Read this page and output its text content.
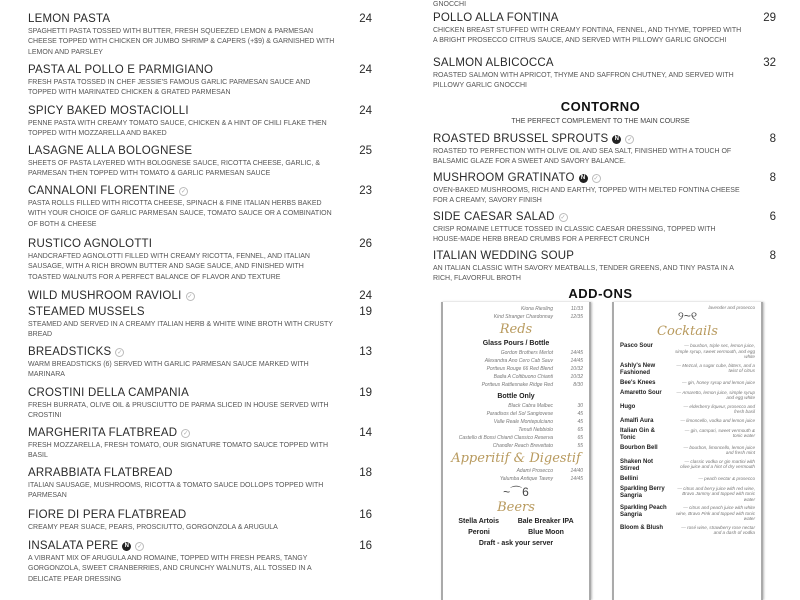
GNOCCHI
CONTORNO

THE PERFECT COMPLEMENT TO THE MAIN COURSE

ADD-ONS
Kiona Riesling	11/33
Kind Stranger Chardonnay	12/35
Reds
Glass Pours / Bottle
Gordon Brothers Merlot	14/45
Alexandra Ano Cero Cab Sauv	14/45
Portteus Rouge 66 Red Blend	10/32
Badia A Coltibuono Chianti	10/32
Portteus Rattlesnake Ridge Red	8/30
Bottle Only
Black Cabra Malbec	30
Paradisos del Sol Sangiovese	45
Valle Reale Montepulciano	45
Tenuti Nebbiolo	65
Castello di Bossi Chianti Classico Reserva	65
Chandler Reach Brevettato	55
Apperitif & Digestif
Adami Prosecco	14/40
Yalumba Antique Tawny	14/45
~⌒6
Beers
Stella Artois	Bale Breaker IPA
Peroni	Blue Moon
Draft - ask your server
lavender and prosecco
୨~୧
Cocktails
Pasco Sour	— bourbon, triple sec, lemon juice, simple syrup, sweet vermouth, and egg white
Ashly's New Fashioned
— Mezcal, a sugar cube, bitters, and a twist of citrus
Bee's Knees	— gin, honey syrup and lemon juice
Amaretto Sour	— Amaretto, lemon juice, simple syrup and egg white
Hugo	— elderberry liqueur, prosecco and fresh basil
Amalfi Aura	— limoncello, vodka and lemon juice
Italian Gin & Tonic
— gin, campari, sweet vermouth & tonic water
Bourbon Bell	— bourbon, limoncello, lemon juice and fresh mint
Shaken Not Stirred
— classic vodka or gin martini with olive juice and a hint of dry vermouth
Bellini	— peach nectar & prosecco
Sparkling Berry Sangria
— citrus and berry juice with red wine, Bravo Jammy and topped with tonic water
Sparkling Peach Sangria
— citrus and peach juice with white wine, Bravo Pink and topped with tonic water
Bloom & Blush	— rosé wine, strawberry rose nectar and a dash of vodka
LEMON PASTA
SPAGHETTI PASTA TOSSED WITH BUTTER, FRESH SQUEEZED LEMON & PARMESAN CHEESE TOPPED WITH CHICKEN OR JUMBO SHRIMP & CAPERS (+$9) & GARNISHED WITH LEMON AND PARSLEY
24
PASTA AL POLLO E PARMIGIANO
FRESH PASTA TOSSED IN CHEF JESSIE'S FAMOUS GARLIC PARMESAN SAUCE AND TOPPED WITH MARINATED CHICKEN & GRATED PARMESAN
24
SPICY BAKED MOSTACIOLLI
PENNE PASTA WITH CREAMY TOMATO SAUCE, CHICKEN & A HINT OF CHILI FLAKE THEN TOPPED WITH MOZZARELLA AND BAKED
24
LASAGNE ALLA BOLOGNESE
SHEETS OF PASTA LAYERED WITH BOLOGNESE SAUCE, RICOTTA CHEESE, GARLIC, & PARMESAN THEN TOPPED WITH TOMATO & GARLIC PARMESAN SAUCE
25
CANNALONI FLORENTINE ✓
PASTA ROLLS FILLED WITH RICOTTA CHEESE, SPINACH & FINE ITALIAN HERBS BAKED WITH YOUR CHOICE OF GARLIC PARMESAN SAUCE, TOMATO SAUCE OR A COMBINATION OF BOTH & CHEESE
23
RUSTICO AGNOLOTTI
HANDCRAFTED AGNOLOTTI FILLED WITH CREAMY RICOTTA, FENNEL, AND ITALIAN SAUSAGE, WITH A RICH BROWN BUTTER AND SAGE SAUCE, AND FINISHED WITH TOASTED WALNUTS FOR A PERFECT BALANCE OF FLAVOR AND TEXTURE
26
WILD MUSHROOM RAVIOLI ✓	24
STEAMED MUSSELS
STEAMED AND SERVED IN A CREAMY ITALIAN HERB & WHITE WINE BROTH WITH CRUSTY BREAD
19
BREADSTICKS ✓
WARM BREADSTICKS (6) SERVED WITH GARLIC PARMESAN SAUCE MARKED WITH MARINARA
13
CROSTINI DELLA CAMPANIA
FRESH BURRATA, OLIVE OIL & PRUSCIUTTO DE PARMA SLICED IN HOUSE SERVED WITH CROSTINI
19
MARGHERITA FLATBREAD ✓
FRESH MOZZARELLA, FRESH TOMATO, OUR SIGNATURE TOMATO SAUCE TOPPED WITH BASIL
14
ARRABBIATA FLATBREAD
ITALIAN SAUSAGE, MUSHROOMS, RICOTTA & TOMATO SAUCE DOLLOPS TOPPED WITH PARMESAN
18
FIORE DI PERA FLATBREAD
CREAMY PEAR SUACE, PEARS, PROSCIUTTO, GORGONZOLA & ARUGULA
16
INSALATA PERE	N	✓
A VIBRANT MIX OF ARUGULA AND ROMAINE, TOPPED WITH FRESH PEARS, TANGY GORGONZOLA, SWEET CRANBERRIES, AND CRUNCHY WALNUTS, ALL TOSSED IN A DELICATE PEAR DRESSING
16
POLLO ALLA FONTINA
CHICKEN BREAST STUFFED WITH CREAMY FONTINA, FENNEL, AND THYME, TOPPED WITH A BRIGHT PROSECCO CITRUS SAUCE, AND SERVED WITH PILLOWY GARLIC GNOCCHI
29
SALMON ALBICOCCA
ROASTED SALMON WITH APRICOT, THYME AND SAFFRON CHUTNEY, AND SERVED WITH PILLOWY GARLIC GNOCCHI
32
ROASTED BRUSSEL SPROUTS	N	✓
ROASTED TO PERFECTION WITH OLIVE OIL AND SEA SALT, FINISHED WITH A TOUCH OF BALSAMIC GLAZE FOR A SWEET AND SAVORY BALANCE.
8
MUSHROOM GRATINATO	N	✓
OVEN-BAKED MUSHROOMS, RICH AND EARTHY, TOPPED WITH MELTED FONTINA CHEESE FOR A CREAMY, SAVORY FINISH
8
SIDE CAESAR SALAD ✓
CRISP ROMAINE LETTUCE TOSSED IN CLASSIC CAESAR DRESSING, TOPPED WITH HOUSE-MADE HERB BREAD CRUMBS FOR A PERFECT CRUNCH
6
ITALIAN WEDDING SOUP
AN ITALIAN CLASSIC WITH SAVORY MEATBALLS, TENDER GREENS, AND TINY PASTA IN A RICH, FLAVORFUL BROTH
8
